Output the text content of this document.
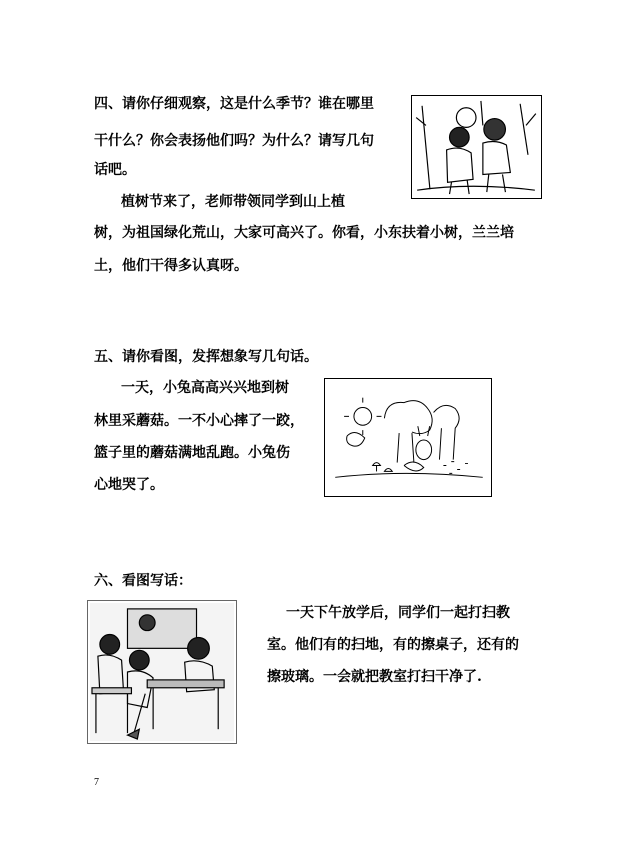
四、请你仔细观察，这是什么季节？谁在哪里
干什么？你会表扬他们吗？为什么？请写几句
话吧。
植树节来了，老师带领同学到山上植
树，为祖国绿化荒山，大家可高兴了。你看，小东扶着小树，兰兰培
土，他们干得多认真呀。
五、请你看图，发挥想象写几句话。
一天，小兔高高兴兴地到树
林里采蘑菇。一不小心摔了一跤，
篮子里的蘑菇满地乱跑。小兔伤
心地哭了。
六、看图写话：
一天下午放学后，同学们一起打扫教
室。他们有的扫地，有的擦桌子，还有的
擦玻璃。一会就把教室打扫干净了.
7
